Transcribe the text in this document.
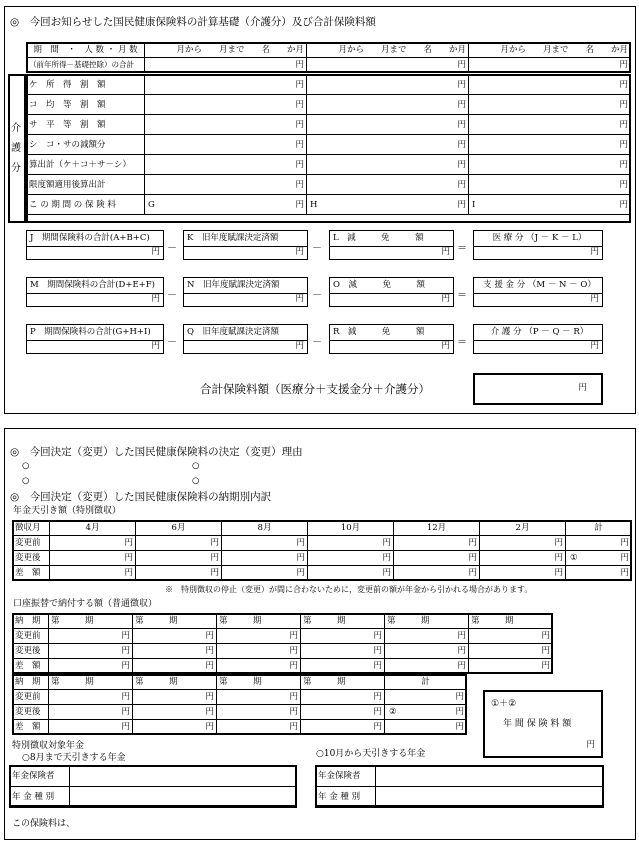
◎　今回お知らせした国民健康保険料の計算基礎（介護分）及び合計保険料額
期　間　・　人 数 ・ 月 数	月から　　月まで　　名　　か月	月から　　月まで　　名　　か月	月から　　月まで　　名　　か月
（前年所得－基礎控除）の合計	円	円	円
介
護
分
ケ　所　得　割　額	円	円	円
コ　均　等　割　額	円	円	円
サ　平　等　割　額	円	円	円
シ　コ・サの減額分	円	円	円
算出計（ケ＋コ＋サ－シ）	円	円	円
限度額適用後算出計	円	円	円
こ の 期 間 の 保 険 料	G 円	H 円	I 円
J　期間保険料の合計(A+B+C)
円
K　旧年度賦課決定済額
円
L　減　　　免　　　額
円
医 療 分 （J － K － L）
円
－	－	＝
M　期間保険料の合計(D+E+F)
円
N　旧年度賦課決定済額
円
O　減　　　免　　　額
円
支 援 金 分 （M － N － O）
円
－	－	＝
P　期間保険料の合計(G+H+I)
円
Q　旧年度賦課決定済額
円
R　減　　　免　　　額
円
介 護 分 （P － Q － R）
円
－	－	＝
合計保険料額（医療分＋支援金分＋介護分）	円
◎　今回決定（変更）した国民健康保険料の決定（変更）理由
○	○
○	○
◎　今回決定（変更）した国民健康保険料の納期別内訳
年金天引き額（特別徴収）
徴収月	4月	6月	8月	10月	12月	2月	計
変更前	円	円	円	円	円	円	円
変更後	円	円	円	円	円	円	① 円
差　額	円	円	円	円	円	円	円
※　特別徴収の停止（変更）が間に合わないために，変更前の額が年金から引かれる場合があります。
口座振替で納付する額（普通徴収）
納　期	第　　　期	第　　　期	第　　　期	第　　　期	第　　　期	第　　　期
変更前	円	円	円	円	円	円
変更後	円	円	円	円	円	円
差　額	円	円	円	円	円	円
納　期	第　　　期	第　　　期	第　　　期	第　　　期	計
変更前	円	円	円	円	円
変更後	円	円	円	円	② 円
差　額	円	円	円	円	円
①＋②
年 間 保 険 料 額
円
特別徴収対象年金
○8月まで天引きする年金	○10月から天引きする年金
年金保険者	
年 金 種 別	
年金保険者	
年 金 種 別	
この保険料は、
